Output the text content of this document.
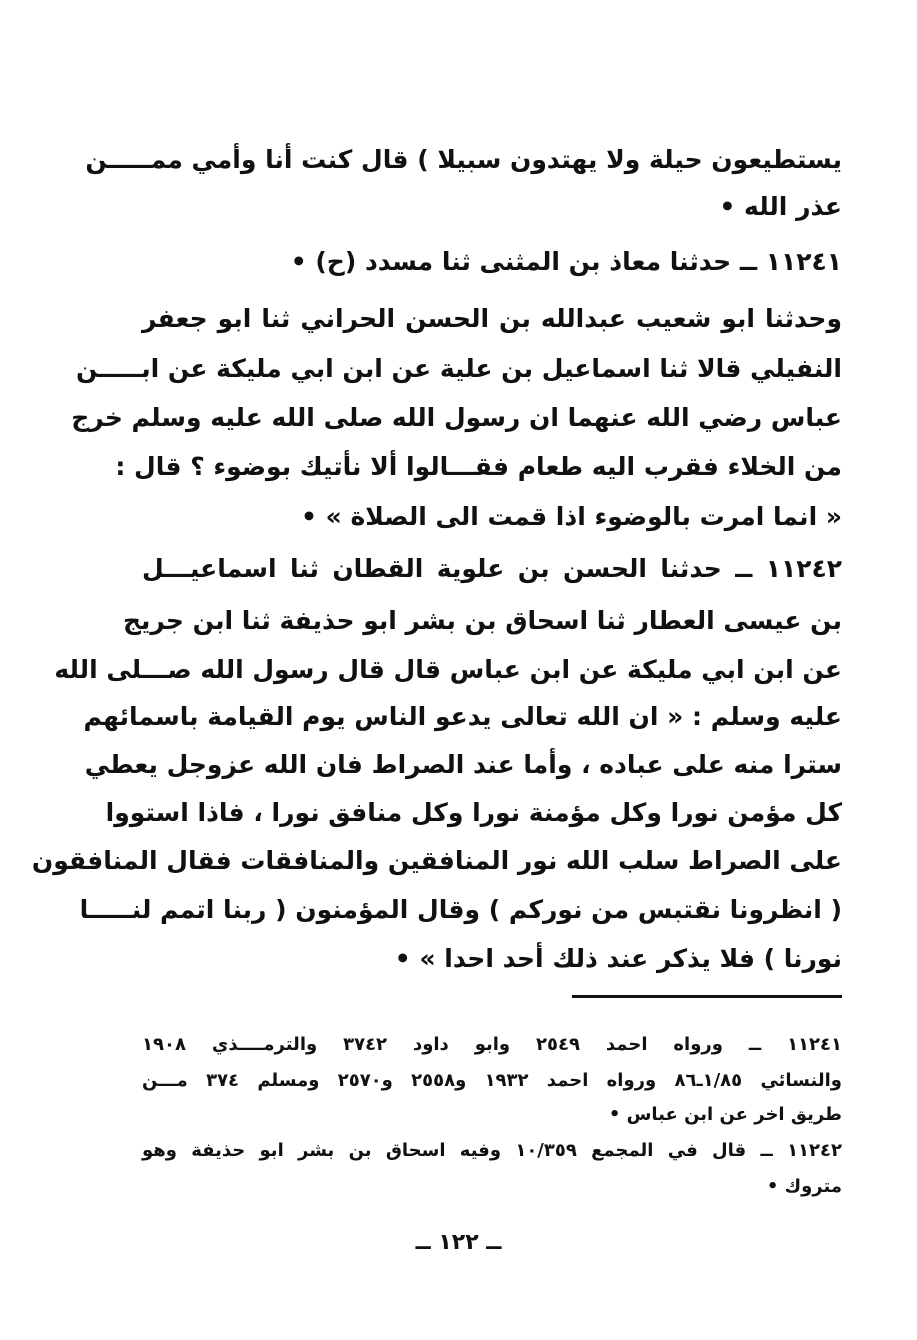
يستطيعون حيلة ولا يهتدون سبيلا ) قال كنت أنا وأمي ممـــــن
عذر الله •
١١٢٤١ ــ حدثنا معاذ بن المثنى ثنا مسدد (ح) •
وحدثنا ابو شعيب عبدالله بن الحسن الحراني ثنا ابو جعفر
النفيلي قالا ثنا اسماعيل بن علية عن ابن ابي مليكة عن ابـــــن
عباس رضي الله عنهما ان رسول الله صلى الله عليه وسلم خرج
من الخلاء فقرب اليه طعام فقـــالوا ألا نأتيك بوضوء ؟ قال :
« انما امرت بالوضوء اذا قمت الى الصلاة » •
١١٢٤٢ ــ حدثنا الحسن بن علوية القطان ثنا اسماعيـــل
بن عيسى العطار ثنا اسحاق بن بشر ابو حذيفة ثنا ابن جريج
عن ابن ابي مليكة عن ابن عباس قال قال رسول الله صـــلى الله
عليه وسلم : « ان الله تعالى يدعو الناس يوم القيامة باسمائهم
سترا منه على عباده ، وأما عند الصراط فان الله عزوجل يعطي
كل مؤمن نورا وكل مؤمنة نورا وكل منافق نورا ، فاذا استووا
على الصراط سلب الله نور المنافقين والمنافقات فقال المنافقون
( انظرونا نقتبس من نوركم ) وقال المؤمنون ( ربنا اتمم لنـــــا
نورنا ) فلا يذكر عند ذلك أحد احدا » •
١١٢٤١ ــ ورواه احمد ٢٥٤٩ وابو داود ٣٧٤٢ والترمــــذي ١٩٠٨
والنسائي ١/٨٥ـ٨٦ ورواه احمد ١٩٣٢ و٢٥٥٨ و٢٥٧٠ ومسلم ٣٧٤ مـــن
طريق اخر عن ابن عباس •
١١٢٤٢ ــ قال في المجمع ١٠/٣٥٩ وفيه اسحاق بن بشر ابو حذيفة وهو
متروك •
ــ ١٢٢ ــ
